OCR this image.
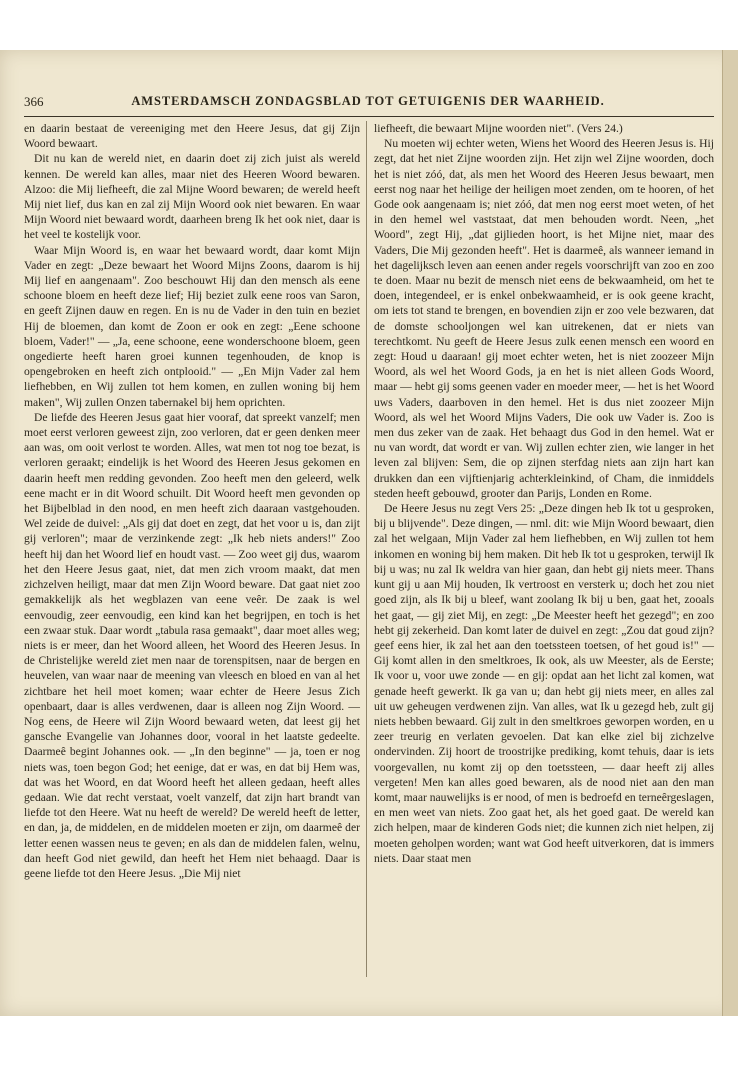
366	AMSTERDAMSCH ZONDAGSBLAD TOT GETUIGENIS DER WAARHEID.

en daarin bestaat de vereeniging met den Heere Jesus, dat gij Zijn Woord bewaart.

Dit nu kan de wereld niet, en daarin doet zij zich juist als wereld kennen. De wereld kan alles, maar niet des Heeren Woord bewaren. Alzoo: die Mij liefheeft, die zal Mijne Woord bewaren; de wereld heeft Mij niet lief, dus kan en zal zij Mijn Woord ook niet bewaren. En waar Mijn Woord niet bewaard wordt, daarheen breng Ik het ook niet, daar is het veel te kostelijk voor.

Waar Mijn Woord is, en waar het bewaard wordt, daar komt Mijn Vader en zegt: „Deze bewaart het Woord Mijns Zoons, daarom is hij Mij lief en aangenaam". Zoo beschouwt Hij dan den mensch als eene schoone bloem en heeft deze lief; Hij beziet zulk eene roos van Saron, en geeft Zijnen dauw en regen. En is nu de Vader in den tuin en beziet Hij de bloemen, dan komt de Zoon er ook en zegt: „Eene schoone bloem, Vader!" — „Ja, eene schoone, eene wonderschoone bloem, geen ongedierte heeft haren groei kunnen tegenhouden, de knop is opengebroken en heeft zich ontplooid." — „En Mijn Vader zal hem liefhebben, en Wij zullen tot hem komen, en zullen woning bij hem maken", Wij zullen Onzen tabernakel bij hem oprichten.

De liefde des Heeren Jesus gaat hier vooraf, dat spreekt vanzelf; men moet eerst verloren geweest zijn, zoo verloren, dat er geen denken meer aan was, om ooit verlost te worden. Alles, wat men tot nog toe bezat, is verloren geraakt; eindelijk is het Woord des Heeren Jesus gekomen en daarin heeft men redding gevonden. Zoo heeft men den geleerd, welk eene macht er in dit Woord schuilt. Dit Woord heeft men gevonden op het Bijbelblad in den nood, en men heeft zich daaraan vastgehouden. Wel zeide de duivel: „Als gij dat doet en zegt, dat het voor u is, dan zijt gij verloren"; maar de verzinkende zegt: „Ik heb niets anders!" Zoo heeft hij dan het Woord lief en houdt vast. — Zoo weet gij dus, waarom het den Heere Jesus gaat, niet, dat men zich vroom maakt, dat men zichzelven heiligt, maar dat men Zijn Woord beware. Dat gaat niet zoo gemakkelijk als het wegblazen van eene veêr. De zaak is wel eenvoudig, zeer eenvoudig, een kind kan het begrijpen, en toch is het een zwaar stuk. Daar wordt „tabula rasa gemaakt", daar moet alles weg; niets is er meer, dan het Woord alleen, het Woord des Heeren Jesus. In de Christelijke wereld ziet men naar de torenspitsen, naar de bergen en heuvelen, van waar naar de meening van vleesch en bloed en van al het zichtbare het heil moet komen; waar echter de Heere Jesus Zich openbaart, daar is alles verdwenen, daar is alleen nog Zijn Woord. — Nog eens, de Heere wil Zijn Woord bewaard weten, dat leest gij het gansche Evangelie van Johannes door, vooral in het laatste gedeelte. Daarmeê begint Johannes ook. — „In den beginne" — ja, toen er nog niets was, toen begon God; het eenige, dat er was, en dat bij Hem was, dat was het Woord, en dat Woord heeft het alleen gedaan, heeft alles gedaan. Wie dat recht verstaat, voelt vanzelf, dat zijn hart brandt van liefde tot den Heere. Wat nu heeft de wereld? De wereld heeft de letter, en dan, ja, de middelen, en de middelen moeten er zijn, om daarmeê der letter eenen wassen neus te geven; en als dan de middelen falen, welnu, dan heeft God niet gewild, dan heeft het Hem niet behaagd. Daar is geene liefde tot den Heere Jesus. „Die Mij niet

liefheeft, die bewaart Mijne woorden niet". (Vers 24.)

Nu moeten wij echter weten, Wiens het Woord des Heeren Jesus is. Hij zegt, dat het niet Zijne woorden zijn. Het zijn wel Zijne woorden, doch het is niet zóó, dat, als men het Woord des Heeren Jesus bewaart, men eerst nog naar het heilige der heiligen moet zenden, om te hooren, of het Gode ook aangenaam is; niet zóó, dat men nog eerst moet weten, of het in den hemel wel vaststaat, dat men behouden wordt. Neen, „het Woord", zegt Hij, „dat gijlieden hoort, is het Mijne niet, maar des Vaders, Die Mij gezonden heeft". Het is daarmeê, als wanneer iemand in het dagelijksch leven aan eenen ander regels voorschrijft van zoo en zoo te doen. Maar nu bezit de mensch niet eens de bekwaamheid, om het te doen, integendeel, er is enkel onbekwaamheid, er is ook geene kracht, om iets tot stand te brengen, en bovendien zijn er zoo vele bezwaren, dat de domste schooljongen wel kan uitrekenen, dat er niets van terechtkomt. Nu geeft de Heere Jesus zulk eenen mensch een woord en zegt: Houd u daaraan! gij moet echter weten, het is niet zoozeer Mijn Woord, als wel het Woord Gods, ja en het is niet alleen Gods Woord, maar — hebt gij soms geenen vader en moeder meer, — het is het Woord uws Vaders, daarboven in den hemel. Het is dus niet zoozeer Mijn Woord, als wel het Woord Mijns Vaders, Die ook uw Vader is. Zoo is men dus zeker van de zaak. Het behaagt dus God in den hemel. Wat er nu van wordt, dat wordt er van. Wij zullen echter zien, wie langer in het leven zal blijven: Sem, die op zijnen sterfdag niets aan zijn hart kan drukken dan een vijftienjarig achterkleinkind, of Cham, die inmiddels steden heeft gebouwd, grooter dan Parijs, Londen en Rome.

De Heere Jesus nu zegt Vers 25: „Deze dingen heb Ik tot u gesproken, bij u blijvende". Deze dingen, — nml. dit: wie Mijn Woord bewaart, dien zal het welgaan, Mijn Vader zal hem liefhebben, en Wij zullen tot hem inkomen en woning bij hem maken. Dit heb Ik tot u gesproken, terwijl Ik bij u was; nu zal Ik weldra van hier gaan, dan hebt gij niets meer. Thans kunt gij u aan Mij houden, Ik vertroost en versterk u; doch het zou niet goed zijn, als Ik bij u bleef, want zoolang Ik bij u ben, gaat het, zooals het gaat, — gij ziet Mij, en zegt: „De Meester heeft het gezegd"; en zoo hebt gij zekerheid. Dan komt later de duivel en zegt: „Zou dat goud zijn? geef eens hier, ik zal het aan den toetssteen toetsen, of het goud is!" — Gij komt allen in den smeltkroes, Ik ook, als uw Meester, als de Eerste; Ik voor u, voor uwe zonde — en gij: opdat aan het licht zal komen, wat genade heeft gewerkt. Ik ga van u; dan hebt gij niets meer, en alles zal uit uw geheugen verdwenen zijn. Van alles, wat Ik u gezegd heb, zult gij niets hebben bewaard. Gij zult in den smeltkroes geworpen worden, en u zeer treurig en verlaten gevoelen. Dat kan elke ziel bij zichzelve ondervinden. Zij hoort de troostrijke prediking, komt tehuis, daar is iets voorgevallen, nu komt zij op den toetssteen, — daar heeft zij alles vergeten! Men kan alles goed bewaren, als de nood niet aan den man komt, maar nauwelijks is er nood, of men is bedroefd en terneêrgeslagen, en men weet van niets. Zoo gaat het, als het goed gaat. De wereld kan zich helpen, maar de kinderen Gods niet; die kunnen zich niet helpen, zij moeten geholpen worden; want wat God heeft uitverkoren, dat is immers niets. Daar staat men
